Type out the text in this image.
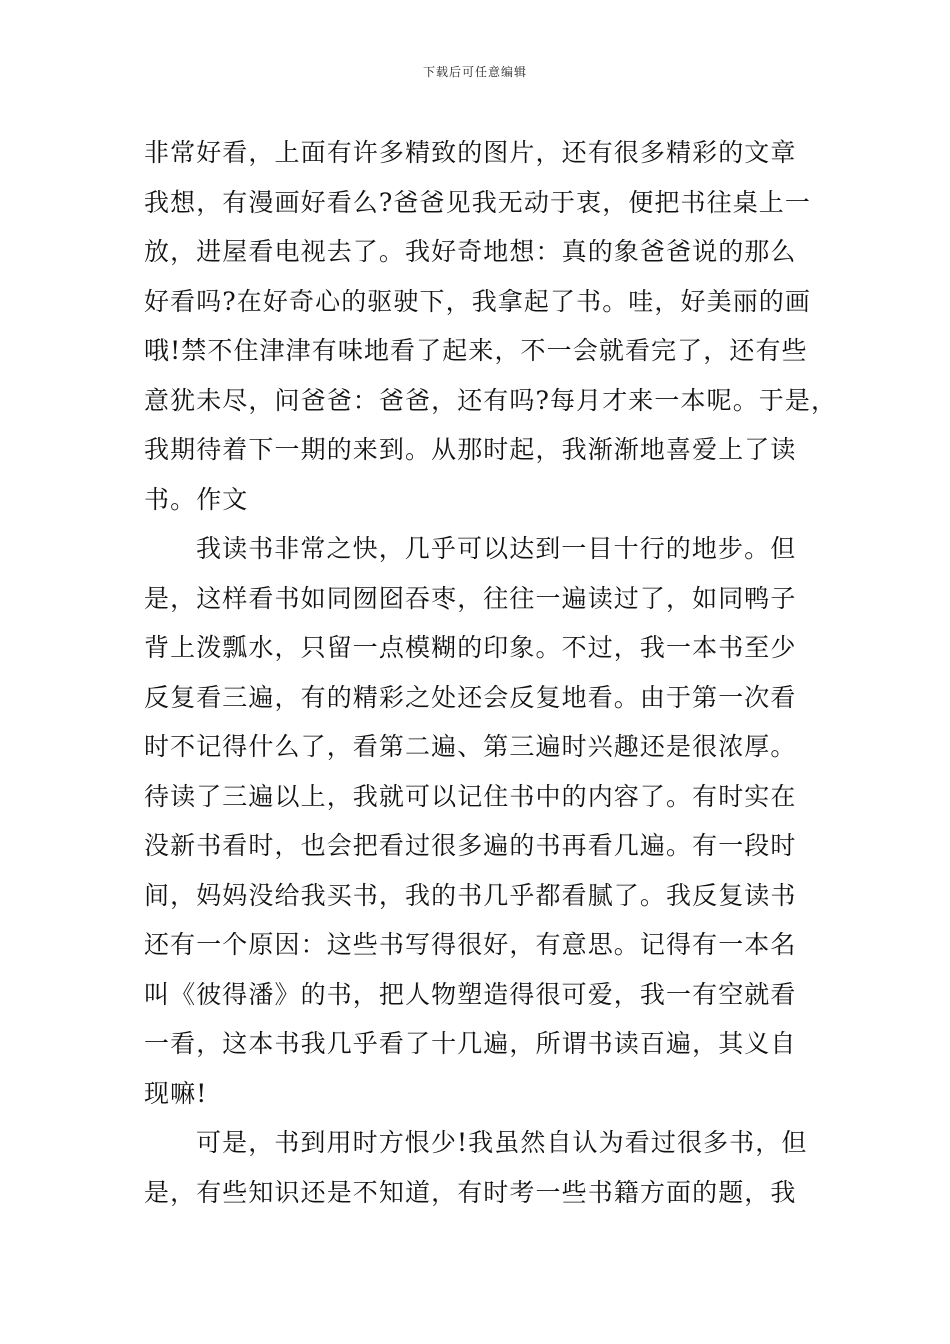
下载后可任意编辑
非常好看，上面有许多精致的图片，还有很多精彩的文章
我想，有漫画好看么?爸爸见我无动于衷，便把书往桌上一
放，进屋看电视去了。我好奇地想：真的象爸爸说的那么
好看吗?在好奇心的驱驶下，我拿起了书。哇，好美丽的画
哦!禁不住津津有味地看了起来，不一会就看完了，还有些
意犹未尽，问爸爸：爸爸，还有吗?每月才来一本呢。于是，
我期待着下一期的来到。从那时起，我渐渐地喜爱上了读
书。作文
我读书非常之快，几乎可以达到一目十行的地步。但
是，这样看书如同囫囵吞枣，往往一遍读过了，如同鸭子
背上泼瓢水，只留一点模糊的印象。不过，我一本书至少
反复看三遍，有的精彩之处还会反复地看。由于第一次看
时不记得什么了，看第二遍、第三遍时兴趣还是很浓厚。
待读了三遍以上，我就可以记住书中的内容了。有时实在
没新书看时，也会把看过很多遍的书再看几遍。有一段时
间，妈妈没给我买书，我的书几乎都看腻了。我反复读书
还有一个原因：这些书写得很好，有意思。记得有一本名
叫《彼得潘》的书，把人物塑造得很可爱，我一有空就看
一看，这本书我几乎看了十几遍，所谓书读百遍，其义自
现嘛!
可是，书到用时方恨少!我虽然自认为看过很多书，但
是，有些知识还是不知道，有时考一些书籍方面的题，我
